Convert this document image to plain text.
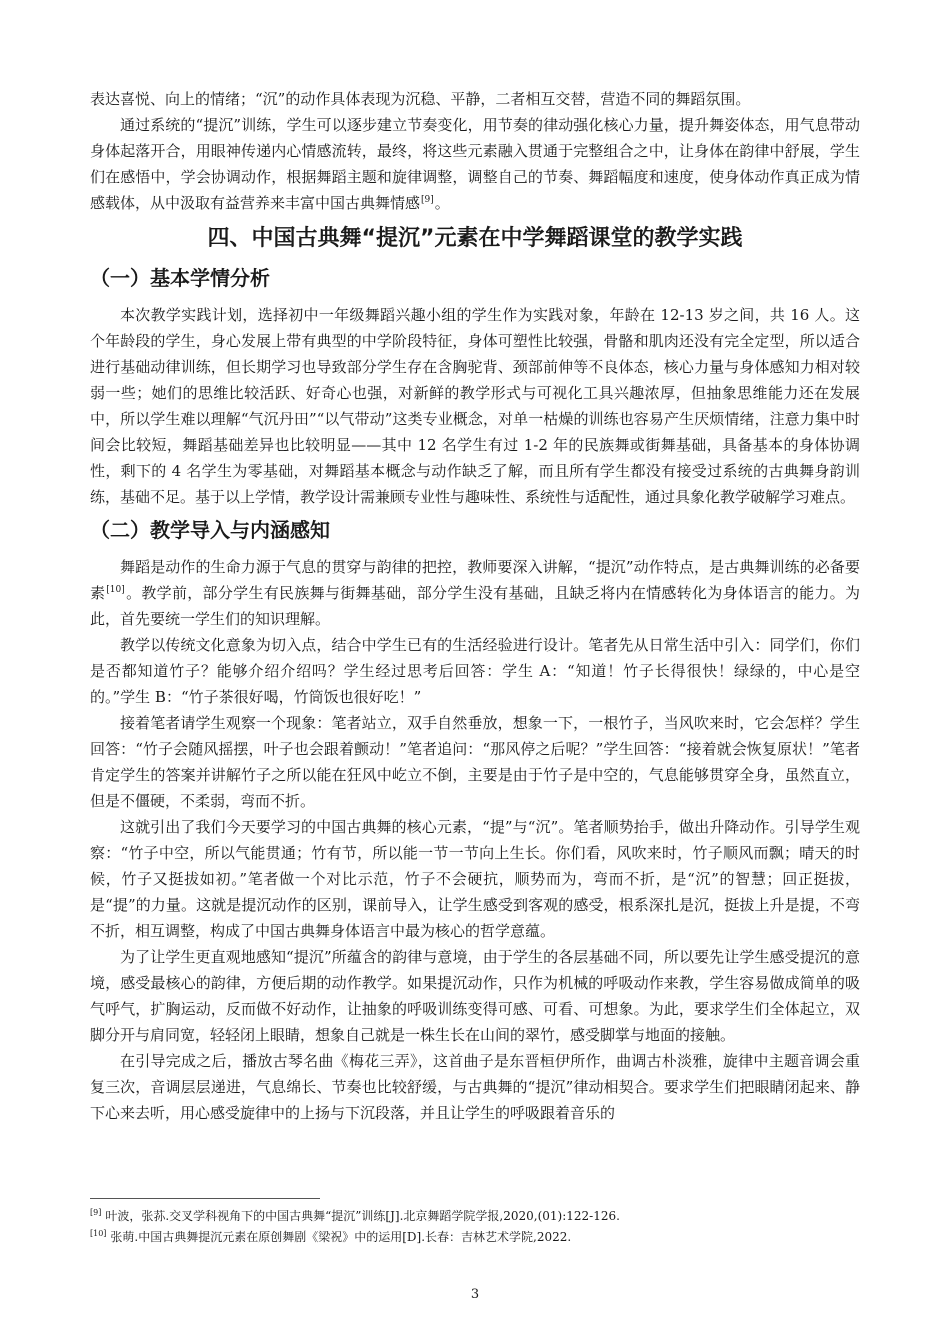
表达喜悦、向上的情绪；“沉”的动作具体表现为沉稳、平静，二者相互交替，营造不同的舞蹈氛围。

通过系统的“提沉”训练，学生可以逐步建立节奏变化，用节奏的律动强化核心力量，提升舞姿体态，用气息带动身体起落开合，用眼神传递内心情感流转，最终，将这些元素融入贯通于完整组合之中，让身体在韵律中舒展，学生们在感悟中，学会协调动作，根据舞蹈主题和旋律调整，调整自己的节奏、舞蹈幅度和速度，使身体动作真正成为情感载体，从中汲取有益营养来丰富中国古典舞情感[9]。

四、中国古典舞“提沉”元素在中学舞蹈课堂的教学实践
（一）基本学情分析

本次教学实践计划，选择初中一年级舞蹈兴趣小组的学生作为实践对象，年龄在 12-13 岁之间，共 16 人。这个年龄段的学生，身心发展上带有典型的中学阶段特征，身体可塑性比较强，骨骼和肌肉还没有完全定型，所以适合进行基础动律训练，但长期学习也导致部分学生存在含胸驼背、颈部前伸等不良体态，核心力量与身体感知力相对较弱一些；她们的思维比较活跃、好奇心也强，对新鲜的教学形式与可视化工具兴趣浓厚，但抽象思维能力还在发展中，所以学生难以理解“气沉丹田”“以气带动”这类专业概念，对单一枯燥的训练也容易产生厌烦情绪，注意力集中时间会比较短，舞蹈基础差异也比较明显——其中 12 名学生有过 1-2 年的民族舞或街舞基础，具备基本的身体协调性，剩下的 4 名学生为零基础，对舞蹈基本概念与动作缺乏了解，而且所有学生都没有接受过系统的古典舞身韵训练，基础不足。基于以上学情，教学设计需兼顾专业性与趣味性、系统性与适配性，通过具象化教学破解学习难点。

（二）教学导入与内涵感知

舞蹈是动作的生命力源于气息的贯穿与韵律的把控，教师要深入讲解，“提沉”动作特点，是古典舞训练的必备要素[10]。教学前，部分学生有民族舞与街舞基础，部分学生没有基础，且缺乏将内在情感转化为身体语言的能力。为此，首先要统一学生们的知识理解。

教学以传统文化意象为切入点，结合中学生已有的生活经验进行设计。笔者先从日常生活中引入：同学们，你们是否都知道竹子？能够介绍介绍吗？学生经过思考后回答：学生 A：“知道！竹子长得很快！绿绿的，中心是空的。”学生 B：“竹子茶很好喝，竹筒饭也很好吃！”

接着笔者请学生观察一个现象：笔者站立，双手自然垂放，想象一下，一根竹子，当风吹来时，它会怎样？学生回答：“竹子会随风摇摆，叶子也会跟着颤动！”笔者追问：“那风停之后呢？”学生回答：“接着就会恢复原状！”笔者肯定学生的答案并讲解竹子之所以能在狂风中屹立不倒，主要是由于竹子是中空的，气息能够贯穿全身，虽然直立，但是不僵硬，不柔弱，弯而不折。

这就引出了我们今天要学习的中国古典舞的核心元素，“提”与“沉”。笔者顺势抬手，做出升降动作。引导学生观察：“竹子中空，所以气能贯通；竹有节，所以能一节一节向上生长。你们看，风吹来时，竹子顺风而飘；晴天的时候，竹子又挺拔如初。”笔者做一个对比示范，竹子不会硬抗，顺势而为，弯而不折，是“沉”的智慧；回正挺拔，是“提”的力量。这就是提沉动作的区别，课前导入，让学生感受到客观的感受，根系深扎是沉，挺拔上升是提，不弯不折，相互调整，构成了中国古典舞身体语言中最为核心的哲学意蕴。

为了让学生更直观地感知“提沉”所蕴含的韵律与意境，由于学生的各层基础不同，所以要先让学生感受提沉的意境，感受最核心的韵律，方便后期的动作教学。如果提沉动作，只作为机械的呼吸动作来教，学生容易做成简单的吸气呼气，扩胸运动，反而做不好动作，让抽象的呼吸训练变得可感、可看、可想象。为此，要求学生们全体起立，双脚分开与肩同宽，轻轻闭上眼睛，想象自己就是一株生长在山间的翠竹，感受脚掌与地面的接触。

在引导完成之后，播放古琴名曲《梅花三弄》，这首曲子是东晋桓伊所作，曲调古朴淡雅，旋律中主题音调会重复三次，音调层层递进，气息绵长、节奏也比较舒缓，与古典舞的“提沉”律动相契合。要求学生们把眼睛闭起来、静下心来去听，用心感受旋律中的上扬与下沉段落，并且让学生的呼吸跟着音乐的

[9] 叶波，张荪.交叉学科视角下的中国古典舞“提沉”训练[J].北京舞蹈学院学报,2020,(01):122-126.

[10] 张萌.中国古典舞提沉元素在原创舞剧《梁祝》中的运用[D].长春：吉林艺术学院,2022.

3
